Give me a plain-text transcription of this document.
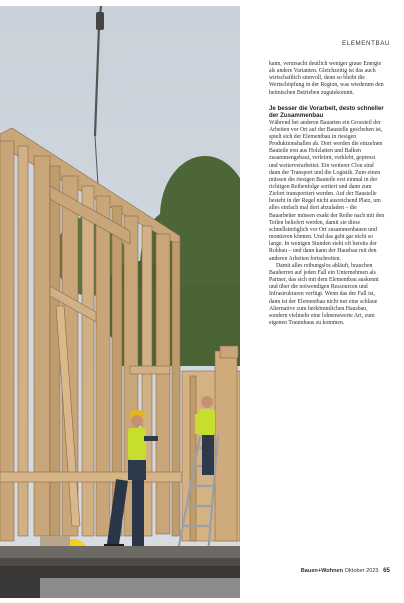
ELEMENTBAU

kann, verursacht deutlich weniger graue Energie als andere Varianten. Gleichzeitig ist das auch wirtschaftlich sinnvoll, denn so bleibt die Wertschöpfung in der Region, was wiederum den heimischen Betrieben zugutekommt.

Je besser die Vorarbeit, desto schneller der Zusammenbau

Während bei anderen Bauarten ein Grossteil der Arbeiten vor Ort auf der Baustelle geschehen ist, spielt sich der Elementbau in riesigen Produktionshallen ab. Dort werden die einzelnen Bauteile erst aus Holzlatten und Balken zusammengebaut, verleimt, verklebt, gepresst und weiterverarbeitet. Ein weiterer Clou sind dann der Transport und die Logistik. Zum einen müssen die riesigen Bauteile erst einmal in der richtigen Reihenfolge sortiert und dann zum Zielort transportiert werden. Auf der Baustelle besteht in der Regel nicht ausreichend Platz, um alles einfach mal dort abzuladen – die Bauarbeiter müssen exakt der Reihe nach mit den Teilen beliefert werden, damit sie diese schnellstmöglich vor Ort zusammenbauen und montieren können. Und das geht gar nicht so lange. In wenigen Stunden steht oft bereits der Rohbau – und dann kann der Hausbau mit den anderen Arbeiten fortschreiten.

Damit alles reibungslos abläuft, brauchen Bauherren auf jeden Fall ein Unternehmen als Partner, das sich mit dem Elementbau auskennt und über die notwendigen Ressourcen und Infrastrukturen verfügt. Wenn das der Fall ist, dann ist der Elementbau nicht nur eine schlaue Alternative zum herkömmlichen Hausbau, sondern vielmehr eine lohnenswerte Art, zum eigenen Traumhaus zu kommen.

Bauen+Wohnen Oktober 2023 65
